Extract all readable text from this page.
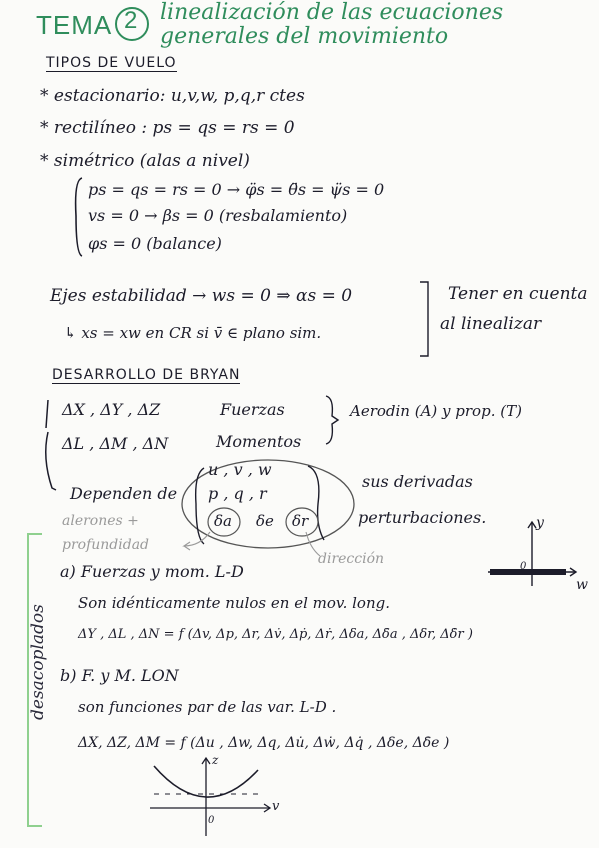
TEMA 2 linealización de las ecuaciones
generales del movimiento
TIPOS DE VUELO
* estacionario: u,v,w, p,q,r ctes
* rectilíneo : ps = qs = rs = 0
* simétrico (alas a nivel)
ps = qs = rs = 0 → φ̈s = θ̈s = ψ̈s = 0
vs = 0 → βs = 0 (resbalamiento)
φs = 0 (balance)
Ejes estabilidad → ws = 0 ⇒ αs = 0
↳ xs = xw en CR si v̄ ∈ plano sim.
Tener en cuenta
al linealizar
DESARROLLO DE BRYAN
ΔX , ΔY , ΔZ	Fuerzas
ΔL , ΔM , ΔN	Momentos
Aerodin (A) y prop. (T)
Dependen de
u , v , w
p , q , r
δa δe δr
sus derivadas
perturbaciones.
alerones +
profundidad
dirección
y
w
0
desacoplados
a) Fuerzas y mom. L-D
Son idénticamente nulos en el mov. long.
ΔY , ΔL , ΔN = f (Δv, Δp, Δr, Δv̇, Δṗ, Δṙ, Δδa, Δδ̇a , Δδr, Δδ̇r )
b) F. y M. LON
son funciones par de las var. L-D .
ΔX, ΔZ, ΔM = f (Δu , Δw, Δq, Δu̇, Δẇ, Δq̇ , Δδe, Δδ̇e )
z
v
0
